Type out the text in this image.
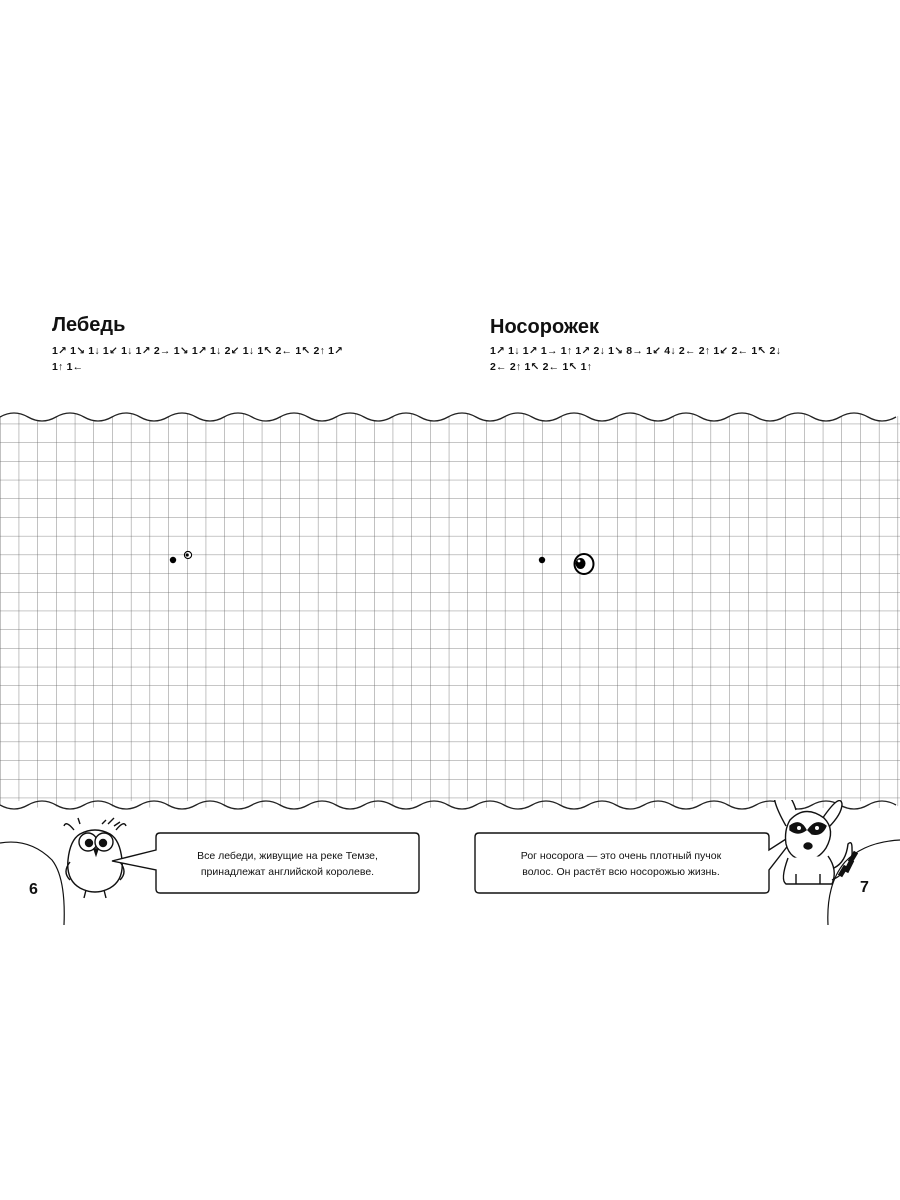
Лебедь
1↗ 1↘ 1↓ 1↙ 1↓ 1↗ 2→ 1↘ 1↗ 1↓ 2↙ 1↓ 1↖ 2← 1↖ 2↑ 1↗
1↑ 1←
Носорожек
1↗ 1↓ 1↗ 1→ 1↑ 1↗ 2↓ 1↘ 8→ 1↙ 4↓ 2← 2↑ 1↙ 2← 1↖ 2↓
2← 2↑ 1↖ 2← 1↖ 1↑
Все лебеди, живущие на реке Темзе,
принадлежат английской королеве.
Рог носорога — это очень плотный пучок
волос. Он растёт всю носорожью жизнь.
6	7
